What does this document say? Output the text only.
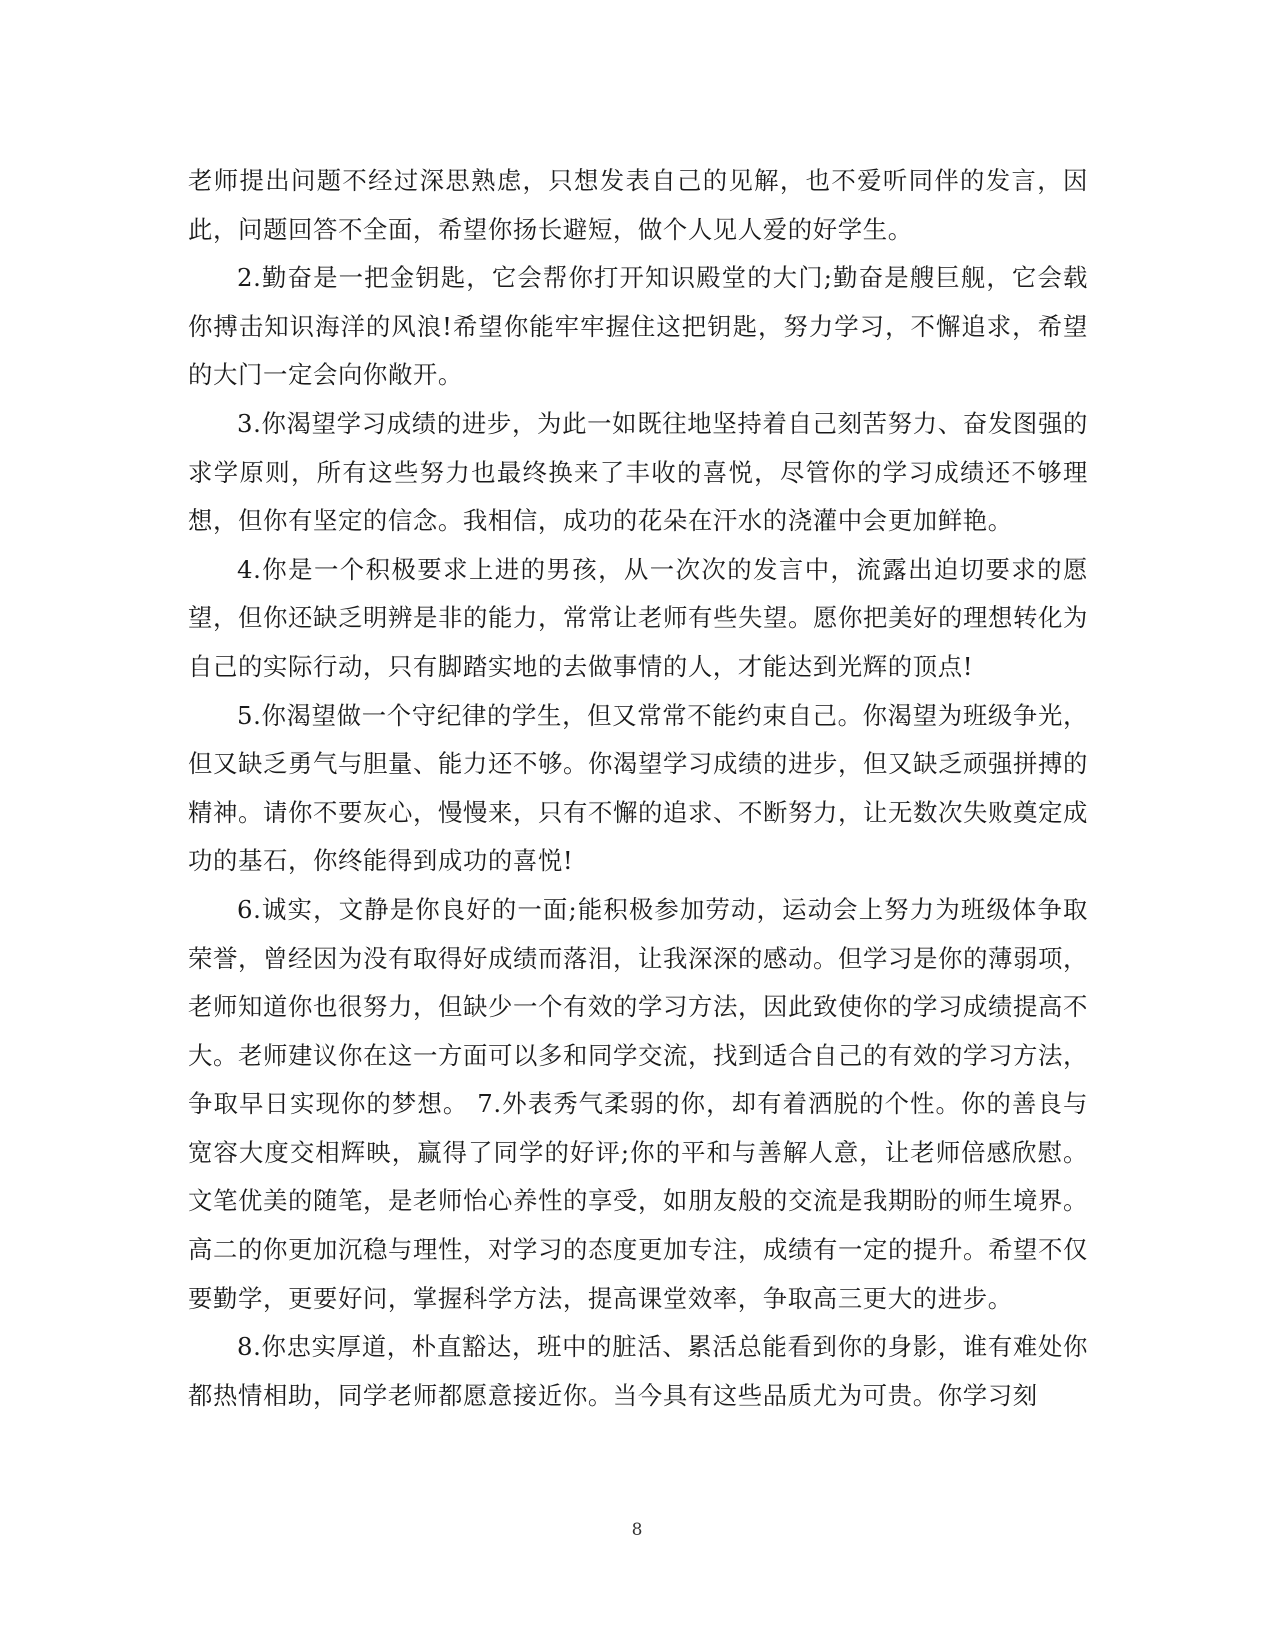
老师提出问题不经过深思熟虑，只想发表自己的见解，也不爱听同伴的发言，因此，问题回答不全面，希望你扬长避短，做个人见人爱的好学生。

2.勤奋是一把金钥匙，它会帮你打开知识殿堂的大门;勤奋是艘巨舰，它会载你搏击知识海洋的风浪!希望你能牢牢握住这把钥匙，努力学习，不懈追求，希望的大门一定会向你敞开。

3.你渴望学习成绩的进步，为此一如既往地坚持着自己刻苦努力、奋发图强的求学原则，所有这些努力也最终换来了丰收的喜悦，尽管你的学习成绩还不够理想，但你有坚定的信念。我相信，成功的花朵在汗水的浇灌中会更加鲜艳。

4.你是一个积极要求上进的男孩，从一次次的发言中，流露出迫切要求的愿望，但你还缺乏明辨是非的能力，常常让老师有些失望。愿你把美好的理想转化为自己的实际行动，只有脚踏实地的去做事情的人，才能达到光辉的顶点!

5.你渴望做一个守纪律的学生，但又常常不能约束自己。你渴望为班级争光，但又缺乏勇气与胆量、能力还不够。你渴望学习成绩的进步，但又缺乏顽强拼搏的精神。请你不要灰心，慢慢来，只有不懈的追求、不断努力，让无数次失败奠定成功的基石，你终能得到成功的喜悦!

6.诚实，文静是你良好的一面;能积极参加劳动，运动会上努力为班级体争取荣誉，曾经因为没有取得好成绩而落泪，让我深深的感动。但学习是你的薄弱项，老师知道你也很努力，但缺少一个有效的学习方法，因此致使你的学习成绩提高不大。老师建议你在这一方面可以多和同学交流，找到适合自己的有效的学习方法，争取早日实现你的梦想。 7.外表秀气柔弱的你，却有着洒脱的个性。你的善良与宽容大度交相辉映，赢得了同学的好评;你的平和与善解人意，让老师倍感欣慰。文笔优美的随笔，是老师怡心养性的享受，如朋友般的交流是我期盼的师生境界。高二的你更加沉稳与理性，对学习的态度更加专注，成绩有一定的提升。希望不仅要勤学，更要好问，掌握科学方法，提高课堂效率，争取高三更大的进步。

8.你忠实厚道，朴直豁达，班中的脏活、累活总能看到你的身影，谁有难处你都热情相助，同学老师都愿意接近你。当今具有这些品质尤为可贵。你学习刻

8
